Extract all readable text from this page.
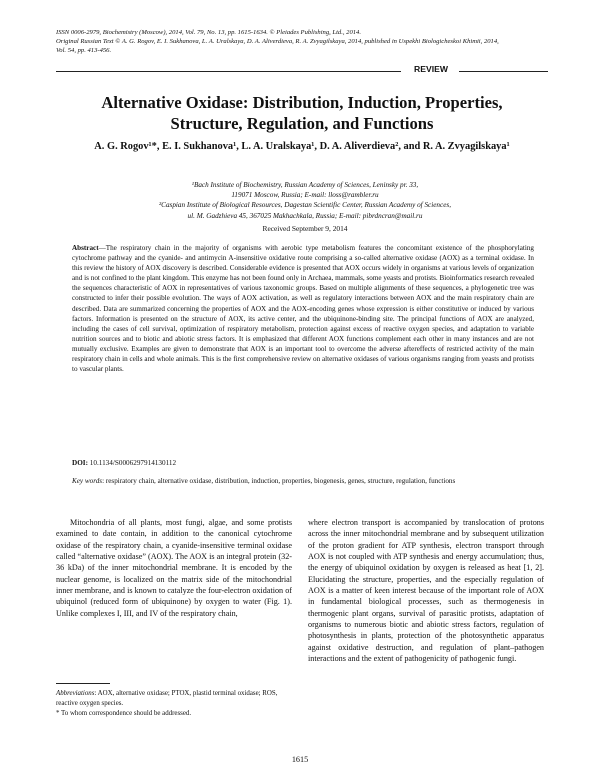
ISSN 0006-2979, Biochemistry (Moscow), 2014, Vol. 79, No. 13, pp. 1615-1634. © Pleiades Publishing, Ltd., 2014.
Original Russian Text © A. G. Rogov, E. I. Sukhanova, L. A. Uralskaya, D. A. Aliverdieva, R. A. Zvyagilskaya, 2014, published in Uspekhi Biologicheskoi Khimii, 2014,
Vol. 54, pp. 413-456.
REVIEW
Alternative Oxidase: Distribution, Induction, Properties,
Structure, Regulation, and Functions
A. G. Rogov¹*, E. I. Sukhanova¹, L. A. Uralskaya¹, D. A. Aliverdieva², and R. A. Zvyagilskaya¹
¹Bach Institute of Biochemistry, Russian Academy of Sciences, Leninsky pr. 33,
119071 Moscow, Russia; E-mail: lloss@rambler.ru
²Caspian Institute of Biological Resources, Dagestan Scientific Center, Russian Academy of Sciences,
ul. M. Gadzhieva 45, 367025 Makhachkala, Russia; E-mail: pibrdncran@mail.ru
Received September 9, 2014
Abstract—The respiratory chain in the majority of organisms with aerobic type metabolism features the concomitant existence of the phosphorylating cytochrome pathway and the cyanide- and antimycin A-insensitive oxidative route comprising a so-called alternative oxidase (AOX) as a terminal oxidase. In this review the history of AOX discovery is described. Considerable evidence is presented that AOX occurs widely in organisms at various levels of organization and is not confined to the plant kingdom. This enzyme has not been found only in Archaea, mammals, some yeasts and protists. Bioinformatics research revealed the sequences characteristic of AOX in representatives of various taxonomic groups. Based on multiple alignments of these sequences, a phylogenetic tree was constructed to infer their possible evolution. The ways of AOX activation, as well as regulatory interactions between AOX and the main respiratory chain are described. Data are summarized concerning the properties of AOX and the AOX-encoding genes whose expression is either constitutive or induced by various factors. Information is presented on the structure of AOX, its active center, and the ubiquinone-binding site. The principal functions of AOX are analyzed, including the cases of cell survival, optimization of respiratory metabolism, protection against excess of reactive oxygen species, and adaptation to variable nutrition sources and to biotic and abiotic stress factors. It is emphasized that different AOX functions complement each other in many instances and are not mutually exclusive. Examples are given to demonstrate that AOX is an important tool to overcome the adverse aftereffects of restricted activity of the main respiratory chain in cells and whole animals. This is the first comprehensive review on alternative oxidases of various organisms ranging from yeasts and protists to vascular plants.
DOI: 10.1134/S0006297914130112
Key words: respiratory chain, alternative oxidase, distribution, induction, properties, biogenesis, genes, structure, regulation, functions
Mitochondria of all plants, most fungi, algae, and some protists examined to date contain, in addition to the canonical cytochrome oxidase of the respiratory chain, a cyanide-insensitive terminal oxidase called “alternative oxidase” (AOX). The AOX is an integral protein (32-36 kDa) of the inner mitochondrial membrane. It is encoded by the nuclear genome, is localized on the matrix side of the mitochondrial inner membrane, and is known to catalyze the four-electron oxidation of ubiquinol (reduced form of ubiquinone) by oxygen to water (Fig. 1). Unlike complexes I, III, and IV of the respiratory chain,
where electron transport is accompanied by translocation of protons across the inner mitochondrial membrane and by subsequent utilization of the proton gradient for ATP synthesis, electron transport through AOX is not coupled with ATP synthesis and energy accumulation; thus, the energy of ubiquinol oxidation by oxygen is released as heat [1, 2]. Elucidating the structure, properties, and the especially regulation of AOX is a matter of keen interest because of the important role of AOX in fundamental biological processes, such as thermogenesis in thermogenic plant organs, survival of parasitic protists, adaptation of organisms to numerous biotic and abiotic stress factors, regulation of photosynthesis in plants, protection of the photosynthetic apparatus against oxidative destruction, and regulation of plant–pathogen interactions and the extent of pathogenicity of pathogenic fungi.
Abbreviations: AOX, alternative oxidase; PTOX, plastid terminal oxidase; ROS, reactive oxygen species.
* To whom correspondence should be addressed.
1615
